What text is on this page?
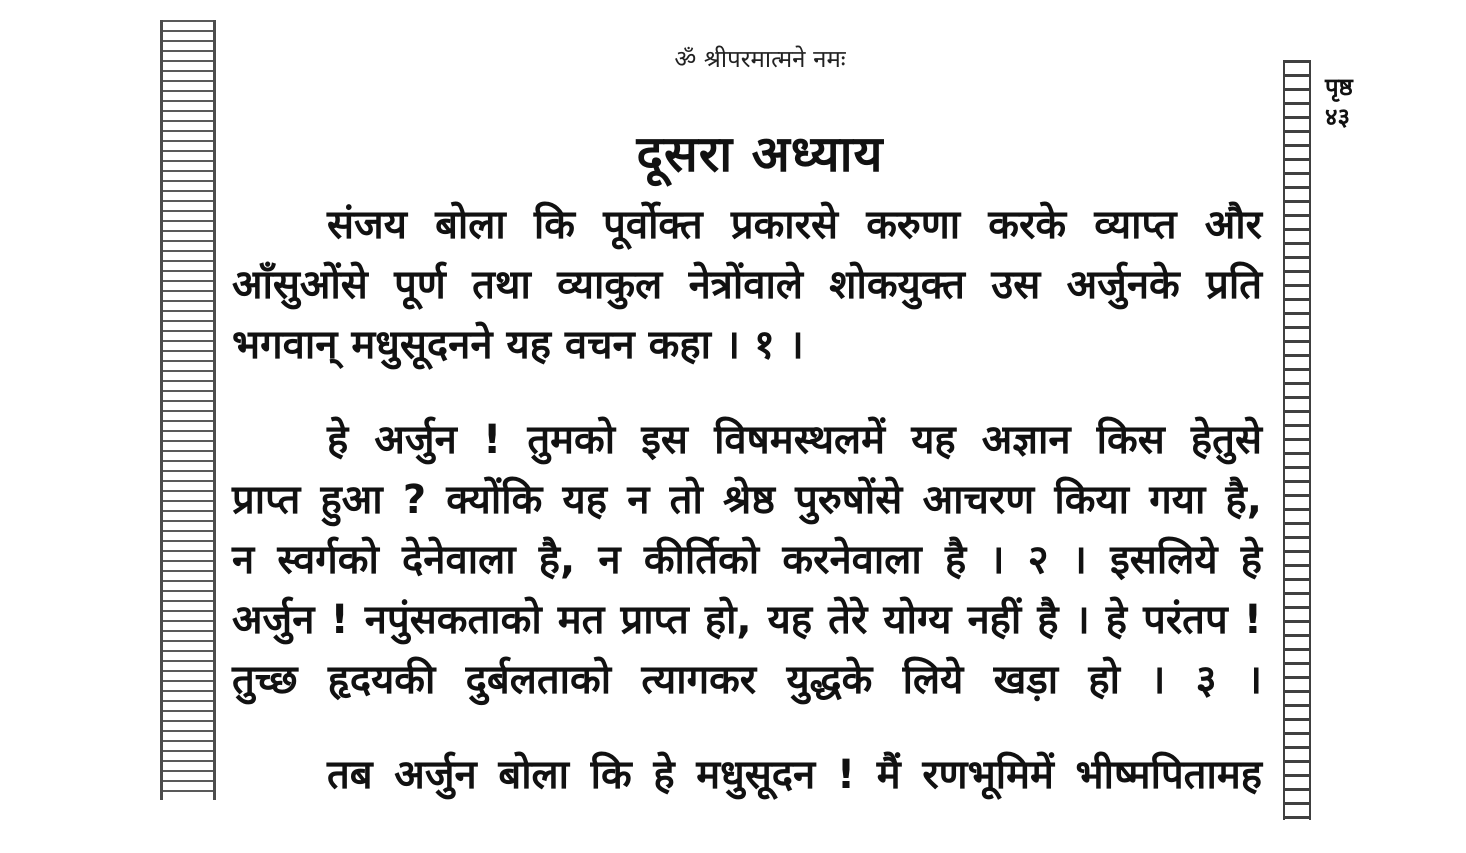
ॐ श्रीपरमात्मने नमः
पृष्ठ
४३
दूसरा अध्याय
संजय बोला कि पूर्वोक्त प्रकारसे करुणा करके व्याप्त और
आँसुओंसे पूर्ण तथा व्याकुल नेत्रोंवाले शोकयुक्त उस अर्जुनके प्रति
भगवान् मधुसूदनने यह वचन कहा । १ ।
हे अर्जुन ! तुमको इस विषमस्थलमें यह अज्ञान किस हेतुसे
प्राप्त हुआ ? क्योंकि यह न तो श्रेष्ठ पुरुषोंसे आचरण किया गया है,
न स्वर्गको देनेवाला है, न कीर्तिको करनेवाला है । २ । इसलिये हे
अर्जुन ! नपुंसकताको मत प्राप्त हो, यह तेरे योग्य नहीं है । हे परंतप !
तुच्छ हृदयकी दुर्बलताको त्यागकर युद्धके लिये खड़ा हो । ३ ।
तब अर्जुन बोला कि हे मधुसूदन ! मैं रणभूमिमें भीष्मपितामह
